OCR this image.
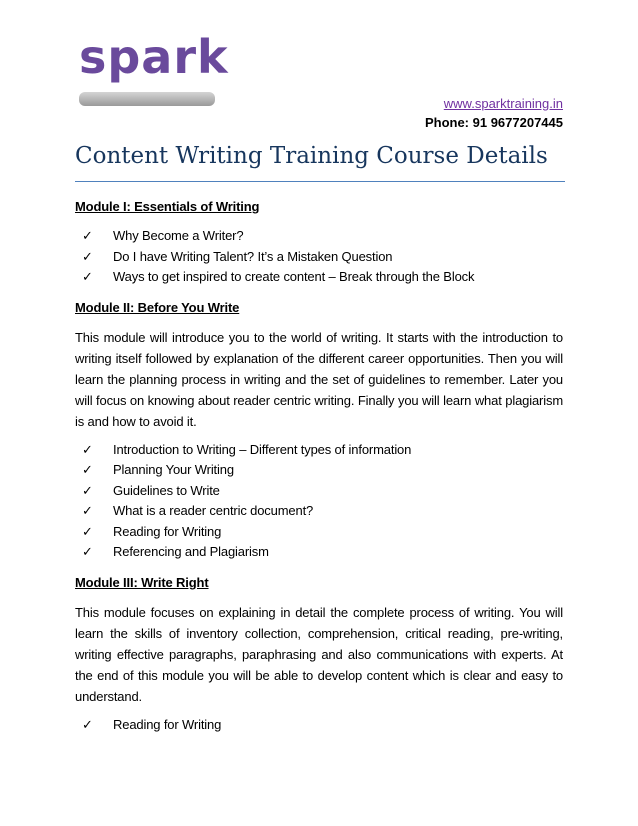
spark
www.sparktraining.in
Phone: 91 9677207445
Content Writing Training Course Details
Module I: Essentials of Writing
✓ Why Become a Writer?
✓ Do I have Writing Talent? It’s a Mistaken Question
✓ Ways to get inspired to create content – Break through the Block
Module II: Before You Write

This module will introduce you to the world of writing. It starts with the introduction to writing itself followed by explanation of the different career opportunities. Then you will learn the planning process in writing and the set of guidelines to remember. Later you will focus on knowing about reader centric writing. Finally you will learn what plagiarism is and how to avoid it.

✓ Introduction to Writing – Different types of information
✓ Planning Your Writing
✓ Guidelines to Write
✓ What is a reader centric document?
✓ Reading for Writing
✓ Referencing and Plagiarism
Module III: Write Right

This module focuses on explaining in detail the complete process of writing. You will learn the skills of inventory collection, comprehension, critical reading, pre-writing, writing effective paragraphs, paraphrasing and also communications with experts. At the end of this module you will be able to develop content which is clear and easy to understand.

✓ Reading for Writing
